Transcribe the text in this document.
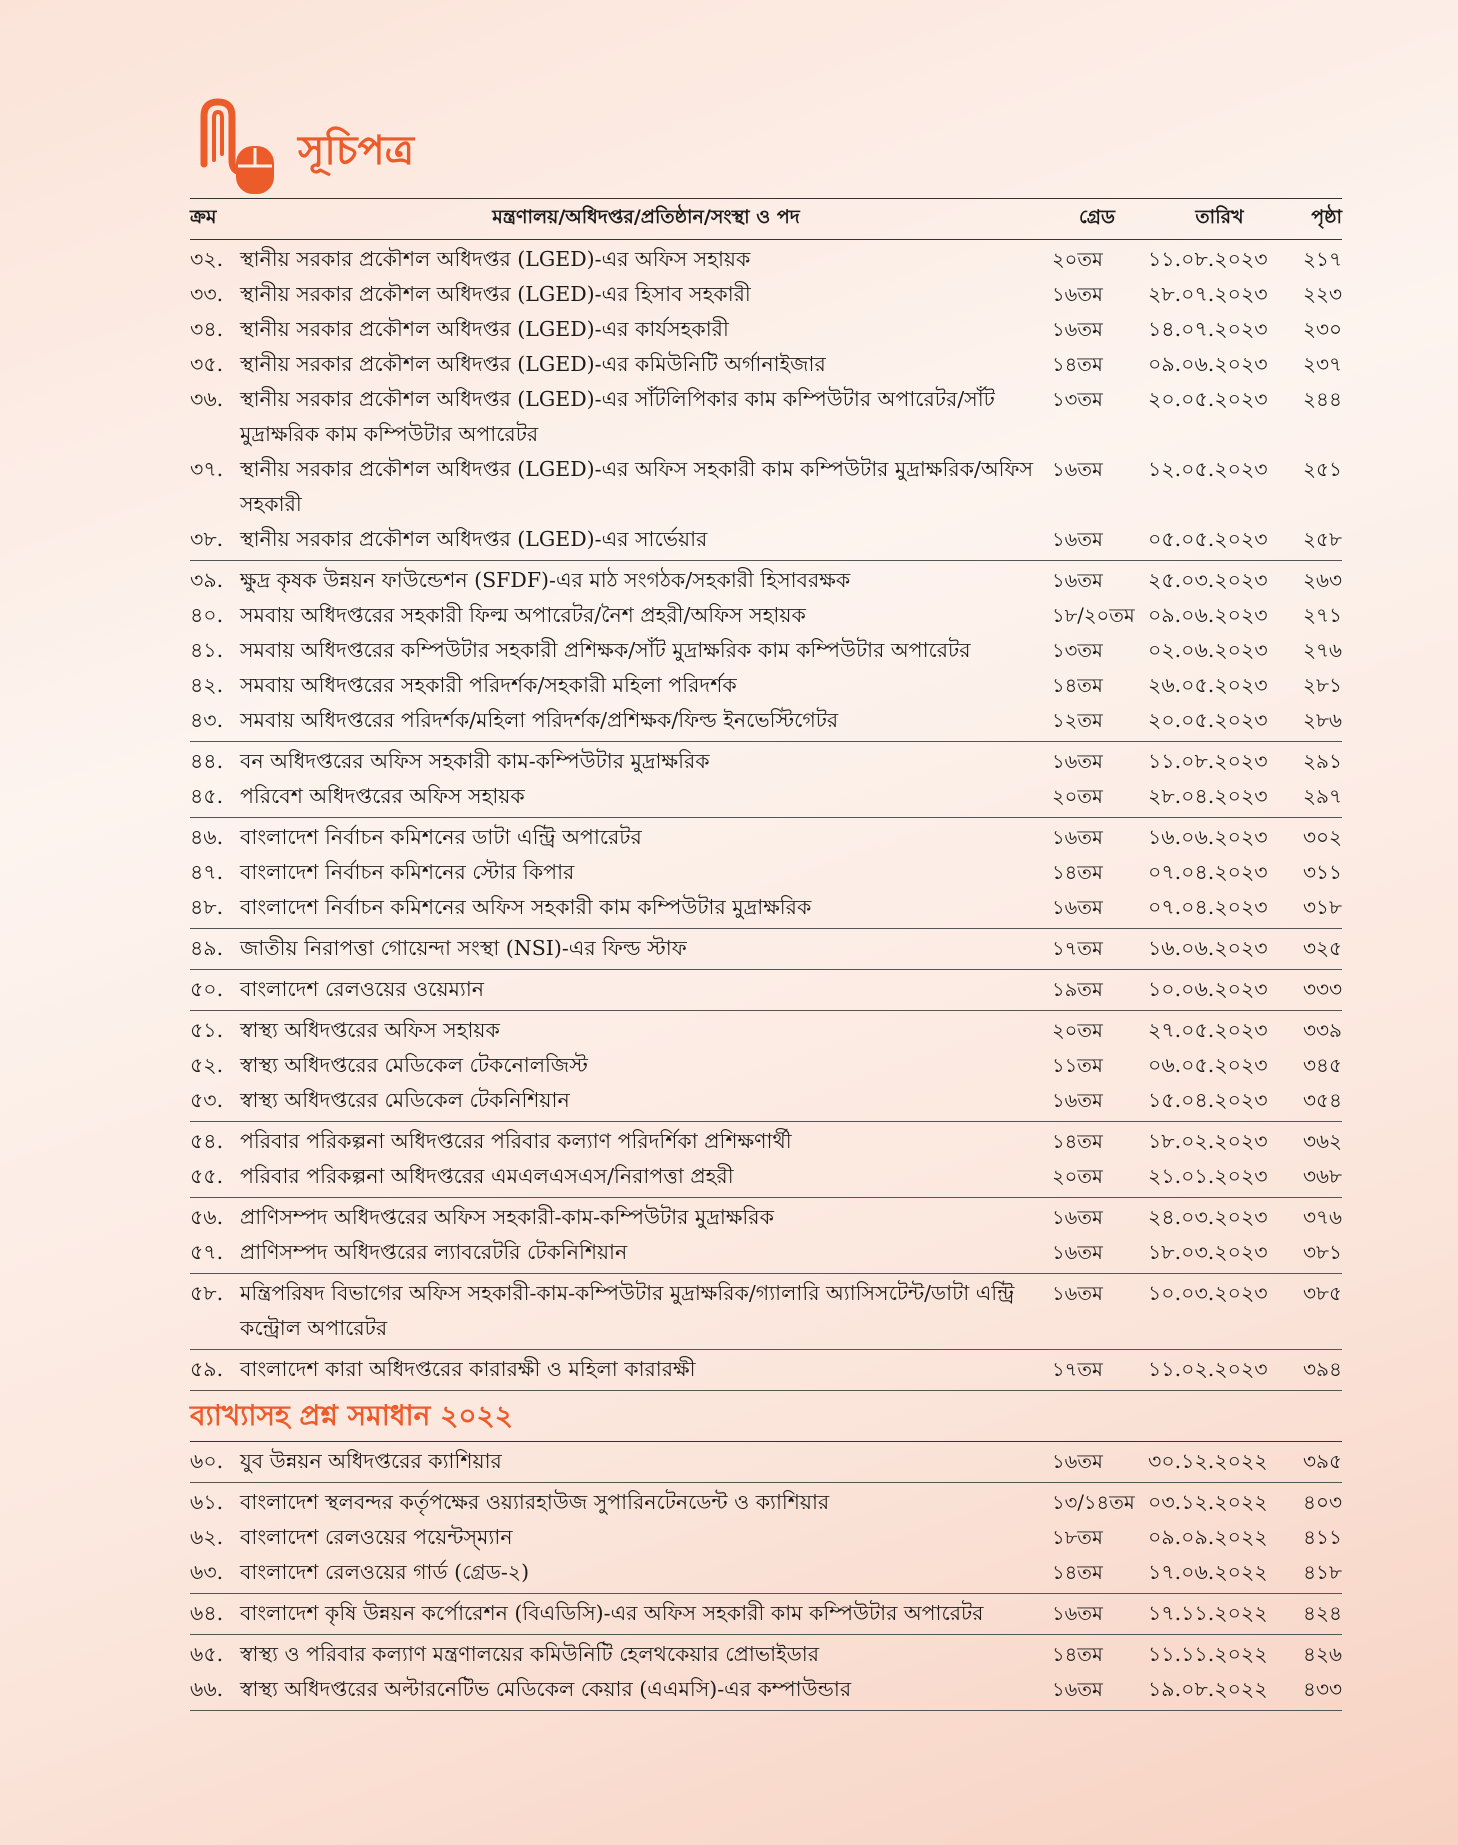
সূচিপত্র
ক্রম	মন্ত্রণালয়/অধিদপ্তর/প্রতিষ্ঠান/সংস্থা ও পদ	গ্রেড	তারিখ	পৃষ্ঠা
৩২. স্থানীয় সরকার প্রকৌশল অধিদপ্তর (LGED)-এর অফিস সহায়ক	২০তম	১১.০৮.২০২৩	২১৭
৩৩. স্থানীয় সরকার প্রকৌশল অধিদপ্তর (LGED)-এর হিসাব সহকারী	১৬তম	২৮.০৭.২০২৩	২২৩
৩৪. স্থানীয় সরকার প্রকৌশল অধিদপ্তর (LGED)-এর কার্যসহকারী	১৬তম	১৪.০৭.২০২৩	২৩০
৩৫. স্থানীয় সরকার প্রকৌশল অধিদপ্তর (LGED)-এর কমিউনিটি অর্গানাইজার	১৪তম	০৯.০৬.২০২৩	২৩৭
৩৬. স্থানীয় সরকার প্রকৌশল অধিদপ্তর (LGED)-এর সাঁটলিপিকার কাম কম্পিউটার অপারেটর/সাঁট মুদ্রাক্ষরিক কাম কম্পিউটার অপারেটর
১৩তম	২০.০৫.২০২৩	২৪৪
৩৭. স্থানীয় সরকার প্রকৌশল অধিদপ্তর (LGED)-এর অফিস সহকারী কাম কম্পিউটার মুদ্রাক্ষরিক/অফিস সহকারী
১৬তম	১২.০৫.২০২৩	২৫১
৩৮. স্থানীয় সরকার প্রকৌশল অধিদপ্তর (LGED)-এর সার্ভেয়ার	১৬তম	০৫.০৫.২০২৩	২৫৮
৩৯. ক্ষুদ্র কৃষক উন্নয়ন ফাউন্ডেশন (SFDF)-এর মাঠ সংগঠক/সহকারী হিসাবরক্ষক	১৬তম	২৫.০৩.২০২৩	২৬৩
৪০. সমবায় অধিদপ্তরের সহকারী ফিল্ম অপারেটর/নৈশ প্রহরী/অফিস সহায়ক	১৮/২০তম ০৯.০৬.২০২৩	২৭১
৪১. সমবায় অধিদপ্তরের কম্পিউটার সহকারী প্রশিক্ষক/সাঁট মুদ্রাক্ষরিক কাম কম্পিউটার অপারেটর	১৩তম	০২.০৬.২০২৩	২৭৬
৪২. সমবায় অধিদপ্তরের সহকারী পরিদর্শক/সহকারী মহিলা পরিদর্শক	১৪তম	২৬.০৫.২০২৩	২৮১
৪৩. সমবায় অধিদপ্তরের পরিদর্শক/মহিলা পরিদর্শক/প্রশিক্ষক/ফিল্ড ইনভেস্টিগেটর	১২তম	২০.০৫.২০২৩	২৮৬
৪৪. বন অধিদপ্তরের অফিস সহকারী কাম-কম্পিউটার মুদ্রাক্ষরিক	১৬তম	১১.০৮.২০২৩	২৯১
৪৫. পরিবেশ অধিদপ্তরের অফিস সহায়ক	২০তম	২৮.০৪.২০২৩	২৯৭
৪৬. বাংলাদেশ নির্বাচন কমিশনের ডাটা এন্ট্রি অপারেটর	১৬তম	১৬.০৬.২০২৩	৩০২
৪৭. বাংলাদেশ নির্বাচন কমিশনের স্টোর কিপার	১৪তম	০৭.০৪.২০২৩	৩১১
৪৮. বাংলাদেশ নির্বাচন কমিশনের অফিস সহকারী কাম কম্পিউটার মুদ্রাক্ষরিক	১৬তম	০৭.০৪.২০২৩	৩১৮
৪৯. জাতীয় নিরাপত্তা গোয়েন্দা সংস্থা (NSI)-এর ফিল্ড স্টাফ	১৭তম	১৬.০৬.২০২৩	৩২৫
৫০. বাংলাদেশ রেলওয়ের ওয়েম্যান	১৯তম	১০.০৬.২০২৩	৩৩৩
৫১. স্বাস্থ্য অধিদপ্তরের অফিস সহায়ক	২০তম	২৭.০৫.২০২৩	৩৩৯
৫২. স্বাস্থ্য অধিদপ্তরের মেডিকেল টেকনোলজিস্ট	১১তম	০৬.০৫.২০২৩	৩৪৫
৫৩. স্বাস্থ্য অধিদপ্তরের মেডিকেল টেকনিশিয়ান	১৬তম	১৫.০৪.২০২৩	৩৫৪
৫৪. পরিবার পরিকল্পনা অধিদপ্তরের পরিবার কল্যাণ পরিদর্শিকা প্রশিক্ষণার্থী	১৪তম	১৮.০২.২০২৩	৩৬২
৫৫. পরিবার পরিকল্পনা অধিদপ্তরের এমএলএসএস/নিরাপত্তা প্রহরী	২০তম	২১.০১.২০২৩	৩৬৮
৫৬. প্রাণিসম্পদ অধিদপ্তরের অফিস সহকারী-কাম-কম্পিউটার মুদ্রাক্ষরিক	১৬তম	২৪.০৩.২০২৩	৩৭৬
৫৭. প্রাণিসম্পদ অধিদপ্তরের ল্যাবরেটরি টেকনিশিয়ান	১৬তম	১৮.০৩.২০২৩	৩৮১
৫৮. মন্ত্রিপরিষদ বিভাগের অফিস সহকারী-কাম-কম্পিউটার মুদ্রাক্ষরিক/গ্যালারি অ্যাসিসটেন্ট/ডাটা এন্ট্রি কন্ট্রোল অপারেটর
১৬তম	১০.০৩.২০২৩	৩৮৫
৫৯. বাংলাদেশ কারা অধিদপ্তরের কারারক্ষী ও মহিলা কারারক্ষী	১৭তম	১১.০২.২০২৩	৩৯৪
ব্যাখ্যাসহ প্রশ্ন সমাধান ২০২২
৬০. যুব উন্নয়ন অধিদপ্তরের ক্যাশিয়ার	১৬তম	৩০.১২.২০২২	৩৯৫
৬১. বাংলাদেশ স্থলবন্দর কর্তৃপক্ষের ওয়্যারহাউজ সুপারিনটেনডেন্ট ও ক্যাশিয়ার	১৩/১৪তম ০৩.১২.২০২২	৪০৩
৬২. বাংলাদেশ রেলওয়ের পয়েন্টস্‌ম্যান	১৮তম	০৯.০৯.২০২২	৪১১
৬৩. বাংলাদেশ রেলওয়ের গার্ড (গ্রেড-২)	১৪তম	১৭.০৬.২০২২	৪১৮
৬৪. বাংলাদেশ কৃষি উন্নয়ন কর্পোরেশন (বিএডিসি)-এর অফিস সহকারী কাম কম্পিউটার অপারেটর	১৬তম	১৭.১১.২০২২	৪২৪
৬৫. স্বাস্থ্য ও পরিবার কল্যাণ মন্ত্রণালয়ের কমিউনিটি হেলথকেয়ার প্রোভাইডার	১৪তম	১১.১১.২০২২	৪২৬
৬৬. স্বাস্থ্য অধিদপ্তরের অল্টারনেটিভ মেডিকেল কেয়ার (এএমসি)-এর কম্পাউন্ডার	১৬তম	১৯.০৮.২০২২	৪৩৩
